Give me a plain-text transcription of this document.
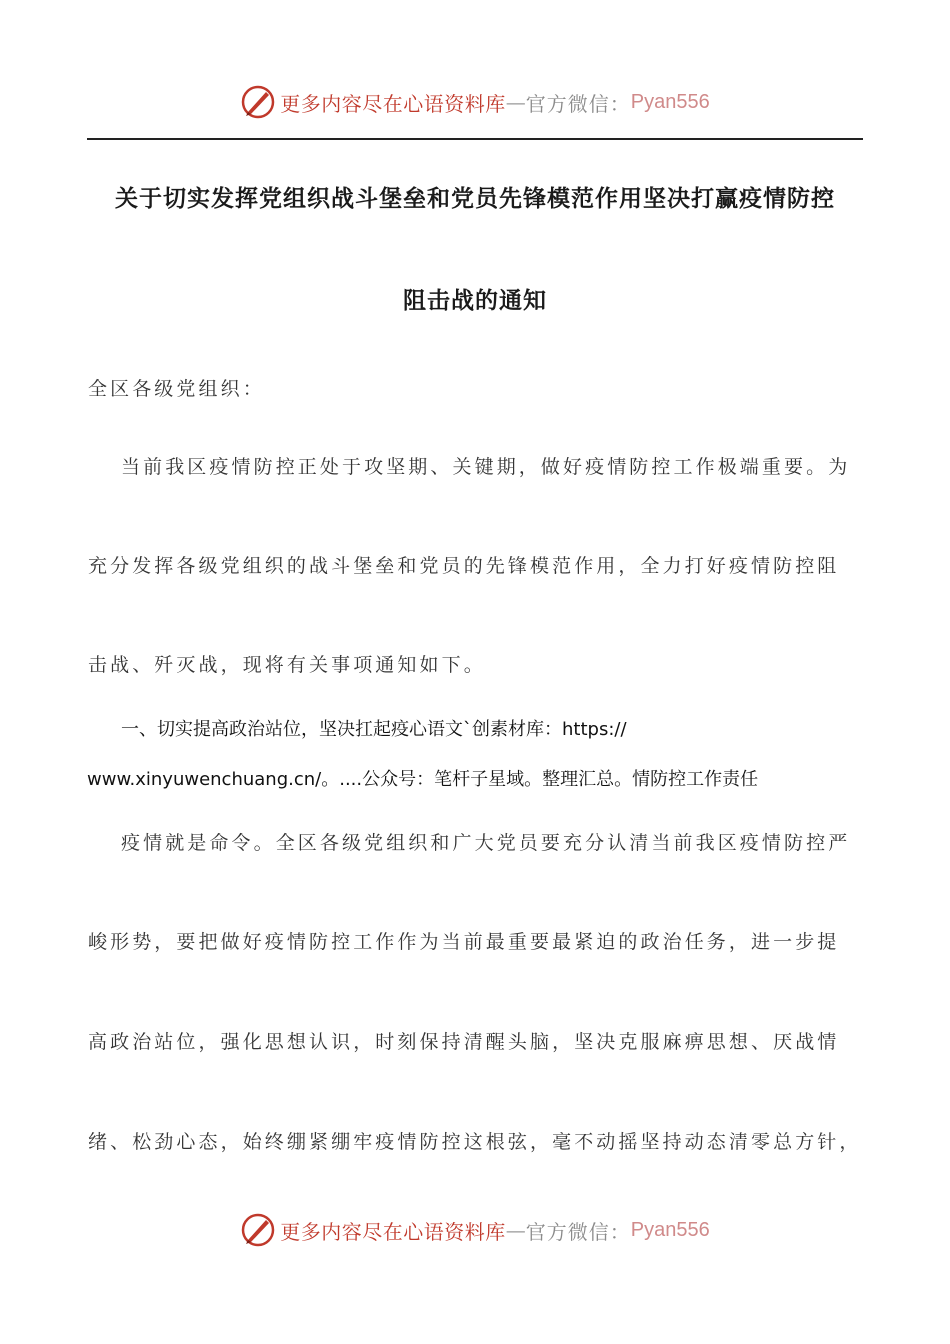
更多内容尽在心语资料库 — 官方微信： Pyan556
关于切实发挥党组织战斗堡垒和党员先锋模范作用坚决打赢疫情防控
阻击战的通知
全区各级党组织：
当前我区疫情防控正处于攻坚期、关键期，做好疫情防控工作极端重要。为
充分发挥各级党组织的战斗堡垒和党员的先锋模范作用，全力打好疫情防控阻
击战、歼灭战，现将有关事项通知如下。
一、切实提高政治站位，坚决扛起疫心语文`创素材库：https://
www.xinyuwenchuang.cn/。....公众号：笔杆子星域。整理汇总。情防控工作责任
疫情就是命令。全区各级党组织和广大党员要充分认清当前我区疫情防控严
峻形势，要把做好疫情防控工作作为当前最重要最紧迫的政治任务，进一步提
高政治站位，强化思想认识，时刻保持清醒头脑，坚决克服麻痹思想、厌战情
绪、松劲心态，始终绷紧绷牢疫情防控这根弦，毫不动摇坚持动态清零总方针，
更多内容尽在心语资料库 — 官方微信： Pyan556
